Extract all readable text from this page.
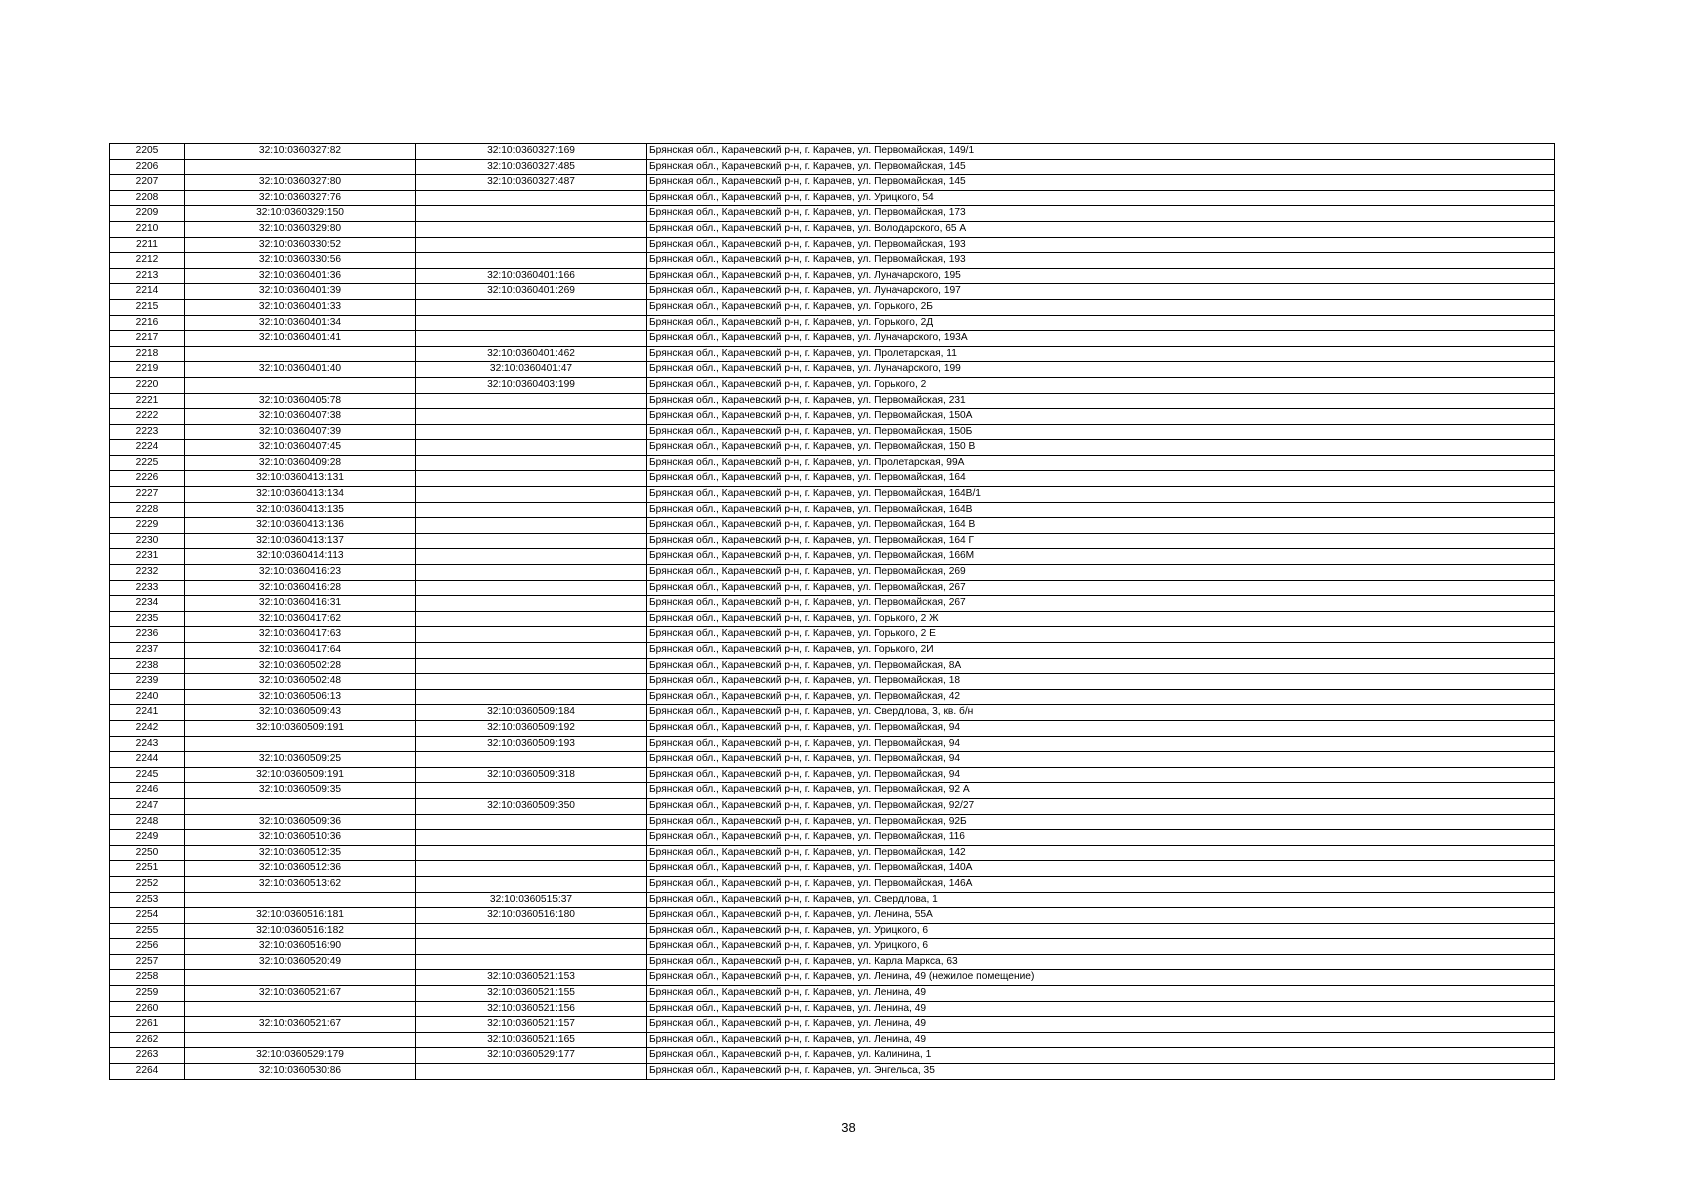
2205	32:10:0360327:82	32:10:0360327:169	Брянская обл., Карачевский р-н, г. Карачев, ул. Первомайская, 149/1
2206		32:10:0360327:485	Брянская обл., Карачевский р-н, г. Карачев, ул. Первомайская, 145
2207	32:10:0360327:80	32:10:0360327:487	Брянская обл., Карачевский р-н, г. Карачев, ул. Первомайская, 145
2208	32:10:0360327:76		Брянская обл., Карачевский р-н, г. Карачев, ул. Урицкого, 54
2209	32:10:0360329:150		Брянская обл., Карачевский р-н, г. Карачев, ул. Первомайская, 173
2210	32:10:0360329:80		Брянская обл., Карачевский р-н, г. Карачев, ул. Володарского, 65 А
2211	32:10:0360330:52		Брянская обл., Карачевский р-н, г. Карачев, ул. Первомайская, 193
2212	32:10:0360330:56		Брянская обл., Карачевский р-н, г. Карачев, ул. Первомайская, 193
2213	32:10:0360401:36	32:10:0360401:166	Брянская обл., Карачевский р-н, г. Карачев, ул. Луначарского, 195
2214	32:10:0360401:39	32:10:0360401:269	Брянская обл., Карачевский р-н, г. Карачев, ул. Луначарского, 197
2215	32:10:0360401:33		Брянская обл., Карачевский р-н, г. Карачев, ул. Горького, 2Б
2216	32:10:0360401:34		Брянская обл., Карачевский р-н, г. Карачев, ул. Горького, 2Д
2217	32:10:0360401:41		Брянская обл., Карачевский р-н, г. Карачев, ул. Луначарского, 193А
2218		32:10:0360401:462	Брянская обл., Карачевский р-н, г. Карачев, ул. Пролетарская, 11
2219	32:10:0360401:40	32:10:0360401:47	Брянская обл., Карачевский р-н, г. Карачев, ул. Луначарского, 199
2220		32:10:0360403:199	Брянская обл., Карачевский р-н, г. Карачев, ул. Горького, 2
2221	32:10:0360405:78		Брянская обл., Карачевский р-н, г. Карачев, ул. Первомайская, 231
2222	32:10:0360407:38		Брянская обл., Карачевский р-н, г. Карачев, ул. Первомайская, 150А
2223	32:10:0360407:39		Брянская обл., Карачевский р-н, г. Карачев, ул. Первомайская, 150Б
2224	32:10:0360407:45		Брянская обл., Карачевский р-н, г. Карачев, ул. Первомайская, 150 В
2225	32:10:0360409:28		Брянская обл., Карачевский р-н, г. Карачев, ул. Пролетарская, 99А
2226	32:10:0360413:131		Брянская обл., Карачевский р-н, г. Карачев, ул. Первомайская, 164
2227	32:10:0360413:134		Брянская обл., Карачевский р-н, г. Карачев, ул. Первомайская, 164В/1
2228	32:10:0360413:135		Брянская обл., Карачевский р-н, г. Карачев, ул. Первомайская, 164В
2229	32:10:0360413:136		Брянская обл., Карачевский р-н, г. Карачев, ул. Первомайская, 164 В
2230	32:10:0360413:137		Брянская обл., Карачевский р-н, г. Карачев, ул. Первомайская, 164 Г
2231	32:10:0360414:113		Брянская обл., Карачевский р-н, г. Карачев, ул. Первомайская, 166М
2232	32:10:0360416:23		Брянская обл., Карачевский р-н, г. Карачев, ул. Первомайская, 269
2233	32:10:0360416:28		Брянская обл., Карачевский р-н, г. Карачев, ул. Первомайская, 267
2234	32:10:0360416:31		Брянская обл., Карачевский р-н, г. Карачев, ул. Первомайская, 267
2235	32:10:0360417:62		Брянская обл., Карачевский р-н, г. Карачев, ул. Горького, 2 Ж
2236	32:10:0360417:63		Брянская обл., Карачевский р-н, г. Карачев, ул. Горького, 2 Е
2237	32:10:0360417:64		Брянская обл., Карачевский р-н, г. Карачев, ул. Горького, 2И
2238	32:10:0360502:28		Брянская обл., Карачевский р-н, г. Карачев, ул. Первомайская, 8А
2239	32:10:0360502:48		Брянская обл., Карачевский р-н, г. Карачев, ул. Первомайская, 18
2240	32:10:0360506:13		Брянская обл., Карачевский р-н, г. Карачев, ул. Первомайская, 42
2241	32:10:0360509:43	32:10:0360509:184	Брянская обл., Карачевский р-н, г. Карачев, ул. Свердлова, 3, кв. б/н
2242	32:10:0360509:191	32:10:0360509:192	Брянская обл., Карачевский р-н, г. Карачев, ул. Первомайская, 94
2243		32:10:0360509:193	Брянская обл., Карачевский р-н, г. Карачев, ул. Первомайская, 94
2244	32:10:0360509:25		Брянская обл., Карачевский р-н, г. Карачев, ул. Первомайская, 94
2245	32:10:0360509:191	32:10:0360509:318	Брянская обл., Карачевский р-н, г. Карачев, ул. Первомайская, 94
2246	32:10:0360509:35		Брянская обл., Карачевский р-н, г. Карачев, ул. Первомайская, 92 А
2247		32:10:0360509:350	Брянская обл., Карачевский р-н, г. Карачев, ул. Первомайская, 92/27
2248	32:10:0360509:36		Брянская обл., Карачевский р-н, г. Карачев, ул. Первомайская, 92Б
2249	32:10:0360510:36		Брянская обл., Карачевский р-н, г. Карачев, ул. Первомайская, 116
2250	32:10:0360512:35		Брянская обл., Карачевский р-н, г. Карачев, ул. Первомайская, 142
2251	32:10:0360512:36		Брянская обл., Карачевский р-н, г. Карачев, ул. Первомайская, 140А
2252	32:10:0360513:62		Брянская обл., Карачевский р-н, г. Карачев, ул. Первомайская, 146А
2253		32:10:0360515:37	Брянская обл., Карачевский р-н, г. Карачев, ул. Свердлова, 1
2254	32:10:0360516:181	32:10:0360516:180	Брянская обл., Карачевский р-н, г. Карачев, ул. Ленина, 55А
2255	32:10:0360516:182		Брянская обл., Карачевский р-н, г. Карачев, ул. Урицкого, 6
2256	32:10:0360516:90		Брянская обл., Карачевский р-н, г. Карачев, ул. Урицкого, 6
2257	32:10:0360520:49		Брянская обл., Карачевский р-н, г. Карачев, ул. Карла Маркса, 63
2258		32:10:0360521:153	Брянская обл., Карачевский р-н, г. Карачев, ул. Ленина, 49 (нежилое помещение)
2259	32:10:0360521:67	32:10:0360521:155	Брянская обл., Карачевский р-н, г. Карачев, ул. Ленина, 49
2260		32:10:0360521:156	Брянская обл., Карачевский р-н, г. Карачев, ул. Ленина, 49
2261	32:10:0360521:67	32:10:0360521:157	Брянская обл., Карачевский р-н, г. Карачев, ул. Ленина, 49
2262		32:10:0360521:165	Брянская обл., Карачевский р-н, г. Карачев, ул. Ленина, 49
2263	32:10:0360529:179	32:10:0360529:177	Брянская обл., Карачевский р-н, г. Карачев, ул. Калинина, 1
2264	32:10:0360530:86		Брянская обл., Карачевский р-н, г. Карачев, ул. Энгельса, 35
38
